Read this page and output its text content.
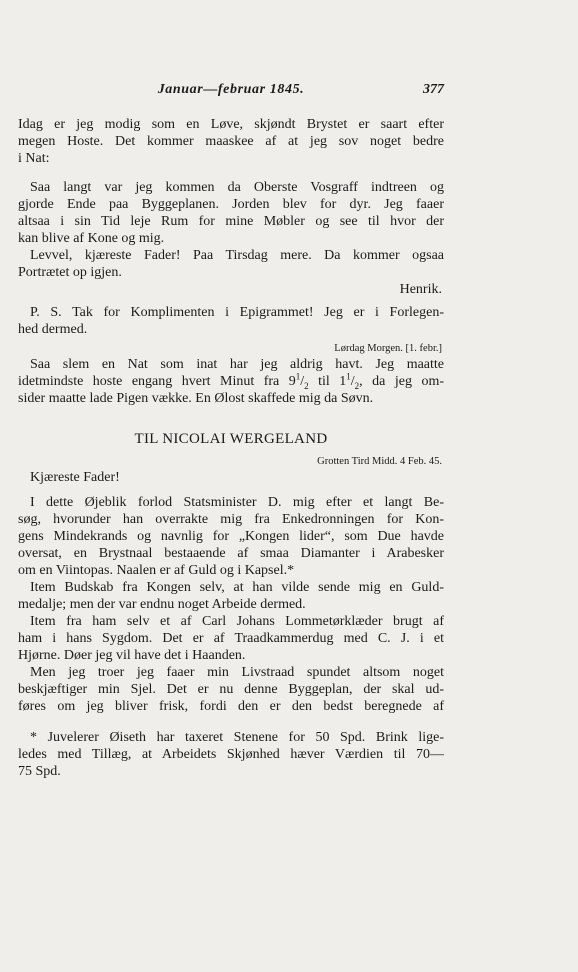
Januar—februar 1845.	377

Idag er jeg modig som en Løve, skjøndt Brystet er saart efter
megen Hoste. Det kommer maaskee af at jeg sov noget bedre
i Nat:

Saa langt var jeg kommen da Oberste Vosgraff indtreen og
gjorde Ende paa Byggeplanen. Jorden blev for dyr. Jeg faaer
altsaa i sin Tid leje Rum for mine Møbler og see til hvor der
kan blive af Kone og mig.

Levvel, kjæreste Fader! Paa Tirsdag mere. Da kommer ogsaa
Portrætet op igjen.

Henrik.

P. S. Tak for Komplimenten i Epigrammet! Jeg er i Forlegen-
hed dermed.

Lørdag Morgen. [1. febr.]

Saa slem en Nat som inat har jeg aldrig havt. Jeg maatte
idetmindste hoste engang hvert Minut fra $9^1/_2$ til $1^1/_2$, da jeg om-
sider maatte lade Pigen vække. En Ølost skaffede mig da Søvn.

TIL NICOLAI WERGELAND

Grotten Tird Midd. 4 Feb. 45.

Kjæreste Fader!

I dette Øjeblik forlod Statsminister D. mig efter et langt Be-
søg, hvorunder han overrakte mig fra Enkedronningen for Kon-
gens Mindekrands og navnlig for „Kongen lider“, som Due havde
oversat, en Brystnaal bestaaende af smaa Diamanter i Arabesker
om en Viintopas. Naalen er af Guld og i Kapsel.*

Item Budskab fra Kongen selv, at han vilde sende mig en Guld-
medalje; men der var endnu noget Arbeide dermed.

Item fra ham selv et af Carl Johans Lommetørklæder brugt af
ham i hans Sygdom. Det er af Traadkammerdug med C. J. i et
Hjørne. Døer jeg vil have det i Haanden.

Men jeg troer jeg faaer min Livstraad spundet altsom noget
beskjæftiger min Sjel. Det er nu denne Byggeplan, der skal ud-
føres om jeg bliver frisk, fordi den er den bedst beregnede af

* Juvelerer Øiseth har taxeret Stenene for 50 Spd. Brink lige-
ledes med Tillæg, at Arbeidets Skjønhed hæver Værdien til 70—
75 Spd.
